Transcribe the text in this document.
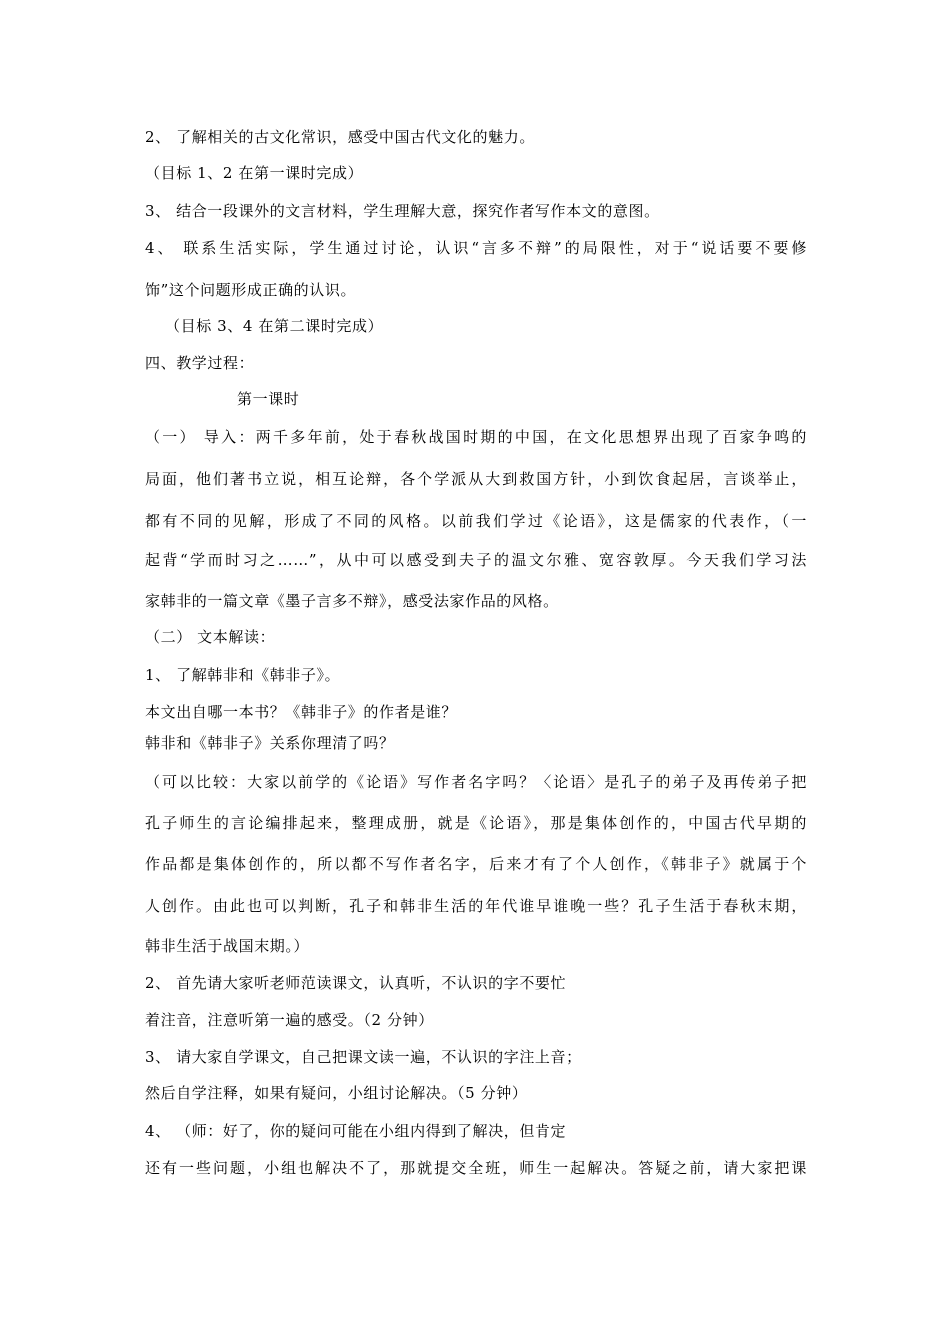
2、 了解相关的古文化常识，感受中国古代文化的魅力。
（目标 1、2 在第一课时完成）
3、 结合一段课外的文言材料，学生理解大意，探究作者写作本文的意图。
4、 联系生活实际，学生通过讨论，认识“言多不辩”的局限性，对于“说话要不要修
饰”这个问题形成正确的认识。
（目标 3、4 在第二课时完成）
四、教学过程：
第一课时
（一） 导入：两千多年前，处于春秋战国时期的中国，在文化思想界出现了百家争鸣的
局面，他们著书立说，相互论辩，各个学派从大到救国方针，小到饮食起居，言谈举止，
都有不同的见解，形成了不同的风格。以前我们学过《论语》，这是儒家的代表作，（一
起背“学而时习之……”，从中可以感受到夫子的温文尔雅、宽容敦厚。今天我们学习法
家韩非的一篇文章《墨子言多不辩》，感受法家作品的风格。
（二） 文本解读：
1、 了解韩非和《韩非子》。
本文出自哪一本书？《韩非子》的作者是谁？
韩非和《韩非子》关系你理清了吗？
（可以比较：大家以前学的《论语》写作者名字吗？〈论语〉是孔子的弟子及再传弟子把
孔子师生的言论编排起来，整理成册，就是《论语》，那是集体创作的，中国古代早期的
作品都是集体创作的，所以都不写作者名字，后来才有了个人创作，《韩非子》就属于个
人创作。由此也可以判断，孔子和韩非生活的年代谁早谁晚一些？孔子生活于春秋末期，
韩非生活于战国末期。）
2、 首先请大家听老师范读课文，认真听，不认识的字不要忙
着注音，注意听第一遍的感受。（2 分钟）
3、 请大家自学课文，自己把课文读一遍，不认识的字注上音；
然后自学注释，如果有疑问，小组讨论解决。（5 分钟）
4、 （师：好了，你的疑问可能在小组内得到了解决，但肯定
还有一些问题，小组也解决不了，那就提交全班，师生一起解决。答疑之前，请大家把课
